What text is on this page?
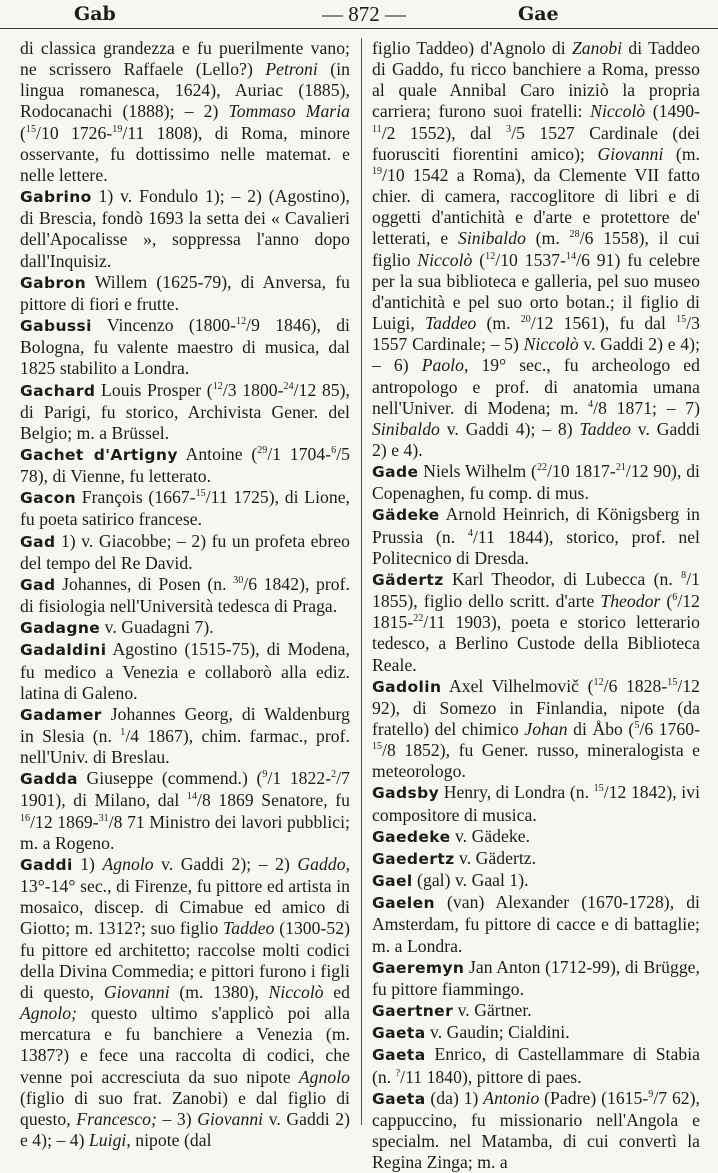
Gab	— 872 —	Gae

di classica grandezza e fu puerilmente vano; ne scrissero Raffaele (Lello?) Petroni (in lingua romanesca, 1624), Auriac (1885), Rodocanachi (1888); – 2) Tommaso Maria ($^{15}$/10 1726-$^{19}$/11 1808), di Roma, minore osservante, fu dottissimo nelle matemat. e nelle lettere.

Gabrino 1) v. Fondulo 1); – 2) (Agostino), di Brescia, fondò 1693 la setta dei « Cavalieri dell'Apocalisse », soppressa l'anno dopo dall'Inquisiz.

Gabron Willem (1625-79), di Anversa, fu pittore di fiori e frutte.

Gabussi Vincenzo (1800-$^{12}$/9 1846), di Bologna, fu valente maestro di musica, dal 1825 stabilito a Londra.

Gachard Louis Prosper ($^{12}$/3 1800-$^{24}$/12 85), di Parigi, fu storico, Archivista Gener. del Belgio; m. a Brüssel.

Gachet d'Artigny Antoine ($^{29}$/1 1704-$^6$/5 78), di Vienne, fu letterato.

Gacon François (1667-$^{15}$/11 1725), di Lione, fu poeta satirico francese.

Gad 1) v. Giacobbe; – 2) fu un profeta ebreo del tempo del Re David.

Gad Johannes, di Posen (n. $^{30}$/6 1842), prof. di fisiologia nell'Università tedesca di Praga.

Gadagne v. Guadagni 7).

Gadaldini Agostino (1515-75), di Modena, fu medico a Venezia e collaborò alla ediz. latina di Galeno.

Gadamer Johannes Georg, di Waldenburg in Slesia (n. $^1$/4 1867), chim. farmac., prof. nell'Univ. di Breslau.

Gadda Giuseppe (commend.) ($^9$/1 1822-$^2$/7 1901), di Milano, dal $^{14}$/8 1869 Senatore, fu $^{16}$/12 1869-$^{31}$/8 71 Ministro dei lavori pubblici; m. a Rogeno.

Gaddi 1) Agnolo v. Gaddi 2); – 2) Gaddo, 13°-14° sec., di Firenze, fu pittore ed artista in mosaico, discep. di Cimabue ed amico di Giotto; m. 1312?; suo figlio Taddeo (1300-52) fu pittore ed architetto; raccolse molti codici della Divina Commedia; e pittori furono i figli di questo, Giovanni (m. 1380), Niccolò ed Agnolo; questo ultimo s'applicò poi alla mercatura e fu banchiere a Venezia (m. 1387?) e fece una raccolta di codici, che venne poi accresciuta da suo nipote Agnolo (figlio di suo frat. Zanobi) e dal figlio di questo, Francesco; – 3) Giovanni v. Gaddi 2) e 4); – 4) Luigi, nipote (dal

figlio Taddeo) d'Agnolo di Zanobi di Taddeo di Gaddo, fu ricco banchiere a Roma, presso al quale Annibal Caro iniziò la propria carriera; furono suoi fratelli: Niccolò (1490-$^{11}$/2 1552), dal $^3$/5 1527 Cardinale (dei fuorusciti fiorentini amico); Giovanni (m. $^{19}$/10 1542 a Roma), da Clemente VII fatto chier. di camera, raccoglitore di libri e di oggetti d'antichità e d'arte e protettore de' letterati, e Sinibaldo (m. $^{28}$/6 1558), il cui figlio Niccolò ($^{12}$/10 1537-$^{14}$/6 91) fu celebre per la sua biblioteca e galleria, pel suo museo d'antichità e pel suo orto botan.; il figlio di Luigi, Taddeo (m. $^{20}$/12 1561), fu dal $^{15}$/3 1557 Cardinale; – 5) Niccolò v. Gaddi 2) e 4); – 6) Paolo, 19° sec., fu archeologo ed antropologo e prof. di anatomia umana nell'Univer. di Modena; m. $^4$/8 1871; – 7) Sinibaldo v. Gaddi 4); – 8) Taddeo v. Gaddi 2) e 4).

Gade Niels Wilhelm ($^{22}$/10 1817-$^{21}$/12 90), di Copenaghen, fu comp. di mus.

Gädeke Arnold Heinrich, di Königsberg in Prussia (n. $^4$/11 1844), storico, prof. nel Politecnico di Dresda.

Gädertz Karl Theodor, di Lubecca (n. $^8$/1 1855), figlio dello scritt. d'arte Theodor ($^6$/12 1815-$^{22}$/11 1903), poeta e storico letterario tedesco, a Berlino Custode della Biblioteca Reale.

Gadolin Axel Vilhelmovič ($^{12}$/6 1828-$^{15}$/12 92), di Somezo in Finlandia, nipote (da fratello) del chimico Johan di Åbo ($^5$/6 1760-$^{15}$/8 1852), fu Gener. russo, mineralogista e meteorologo.

Gadsby Henry, di Londra (n. $^{15}$/12 1842), ivi compositore di musica.

Gaedeke v. Gädeke.

Gaedertz v. Gädertz.

Gael (gal) v. Gaal 1).

Gaelen (van) Alexander (1670-1728), di Amsterdam, fu pittore di cacce e di battaglie; m. a Londra.

Gaeremyn Jan Anton (1712-99), di Brügge, fu pittore fiammingo.

Gaertner v. Gärtner.

Gaeta v. Gaudin; Cialdini.

Gaeta Enrico, di Castellammare di Stabia (n. ?/11 1840), pittore di paes.

Gaeta (da) 1) Antonio (Padre) (1615-$^9$/7 62), cappuccino, fu missionario nell'Angola e specialm. nel Matamba, di cui convertì la Regina Zinga; m. a
